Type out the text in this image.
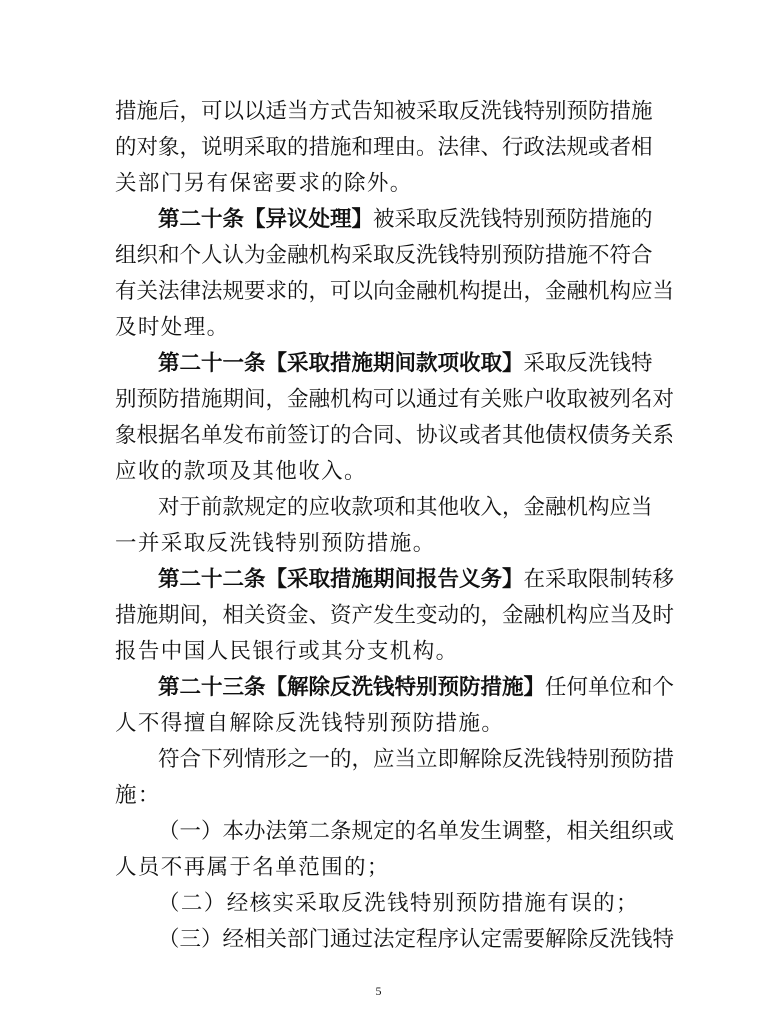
措施后，可以以适当方式告知被采取反洗钱特别预防措施
的对象，说明采取的措施和理由。法律、行政法规或者相
关部门另有保密要求的除外。
第二十条【异议处理】被采取反洗钱特别预防措施的
组织和个人认为金融机构采取反洗钱特别预防措施不符合
有关法律法规要求的，可以向金融机构提出，金融机构应当
及时处理。
第二十一条【采取措施期间款项收取】采取反洗钱特
别预防措施期间，金融机构可以通过有关账户收取被列名对
象根据名单发布前签订的合同、协议或者其他债权债务关系
应收的款项及其他收入。
对于前款规定的应收款项和其他收入，金融机构应当
一并采取反洗钱特别预防措施。
第二十二条【采取措施期间报告义务】在采取限制转移
措施期间，相关资金、资产发生变动的，金融机构应当及时
报告中国人民银行或其分支机构。
第二十三条【解除反洗钱特别预防措施】任何单位和个
人不得擅自解除反洗钱特别预防措施。
符合下列情形之一的，应当立即解除反洗钱特别预防措
施：
（一）本办法第二条规定的名单发生调整，相关组织或
人员不再属于名单范围的；
（二）经核实采取反洗钱特别预防措施有误的；
（三）经相关部门通过法定程序认定需要解除反洗钱特
5
